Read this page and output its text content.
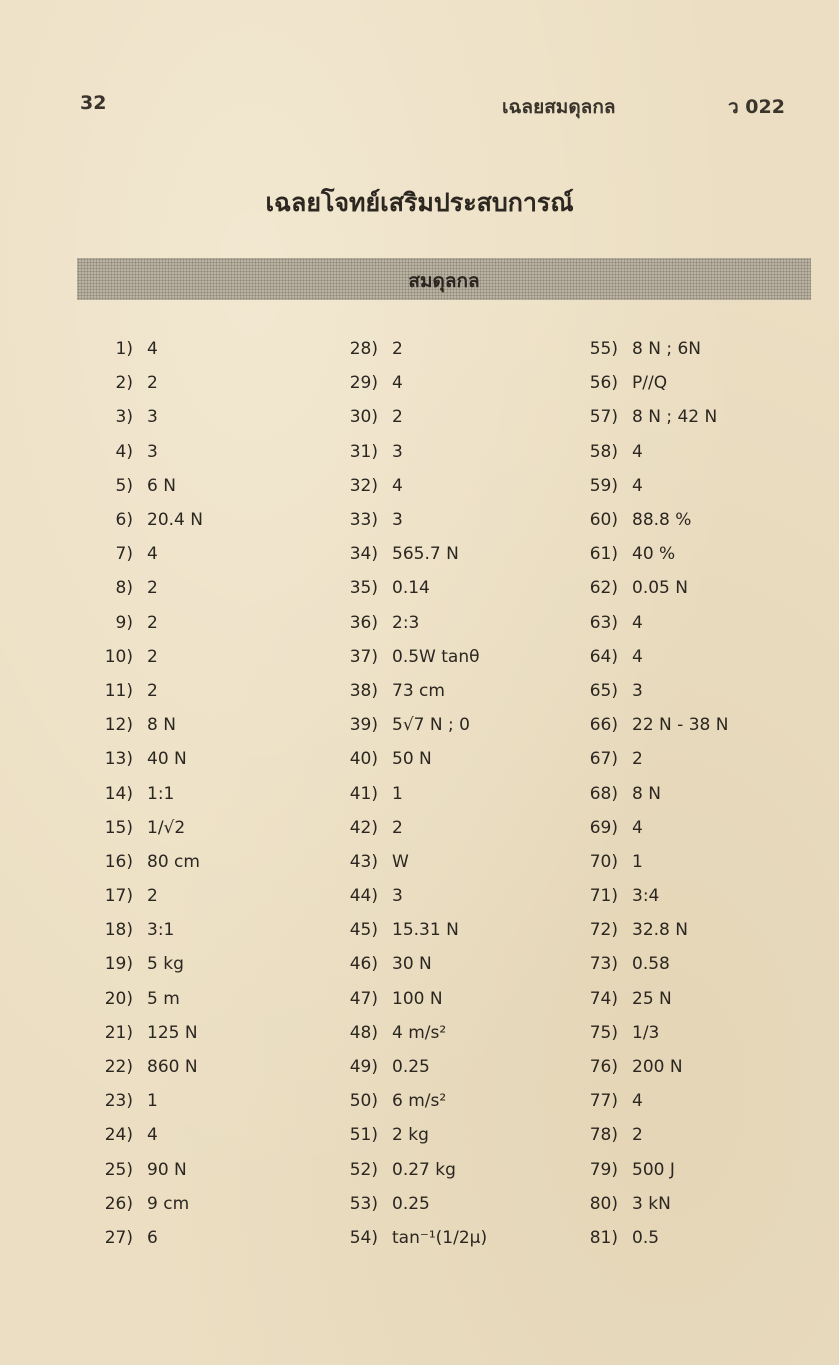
32	เฉลยสมดุลกล	ว 022
เฉลยโจทย์เสริมประสบการณ์
สมดุลกล
1) 4
2) 2
3) 3
4) 3
5) 6 N
6) 20.4 N
7) 4
8) 2
9) 2
10) 2
11) 2
12) 8 N
13) 40 N
14) 1:1
15) 1/√2
16) 80 cm
17) 2
18) 3:1
19) 5 kg
20) 5 m
21) 125 N
22) 860 N
23) 1
24) 4
25) 90 N
26) 9 cm
27) 6
28) 2
29) 4
30) 2
31) 3
32) 4
33) 3
34) 565.7 N
35) 0.14
36) 2:3
37) 0.5W tanθ
38) 73 cm
39) 5√7 N ; 0
40) 50 N
41) 1
42) 2
43) W
44) 3
45) 15.31 N
46) 30 N
47) 100 N
48) 4 m/s²
49) 0.25
50) 6 m/s²
51) 2 kg
52) 0.27 kg
53) 0.25
54) tan⁻¹(1/2μ)
55) 8 N ; 6N
56) P//Q
57) 8 N ; 42 N
58) 4
59) 4
60) 88.8 %
61) 40 %
62) 0.05 N
63) 4
64) 4
65) 3
66) 22 N - 38 N
67) 2
68) 8 N
69) 4
70) 1
71) 3:4
72) 32.8 N
73) 0.58
74) 25 N
75) 1/3
76) 200 N
77) 4
78) 2
79) 500 J
80) 3 kN
81) 0.5
